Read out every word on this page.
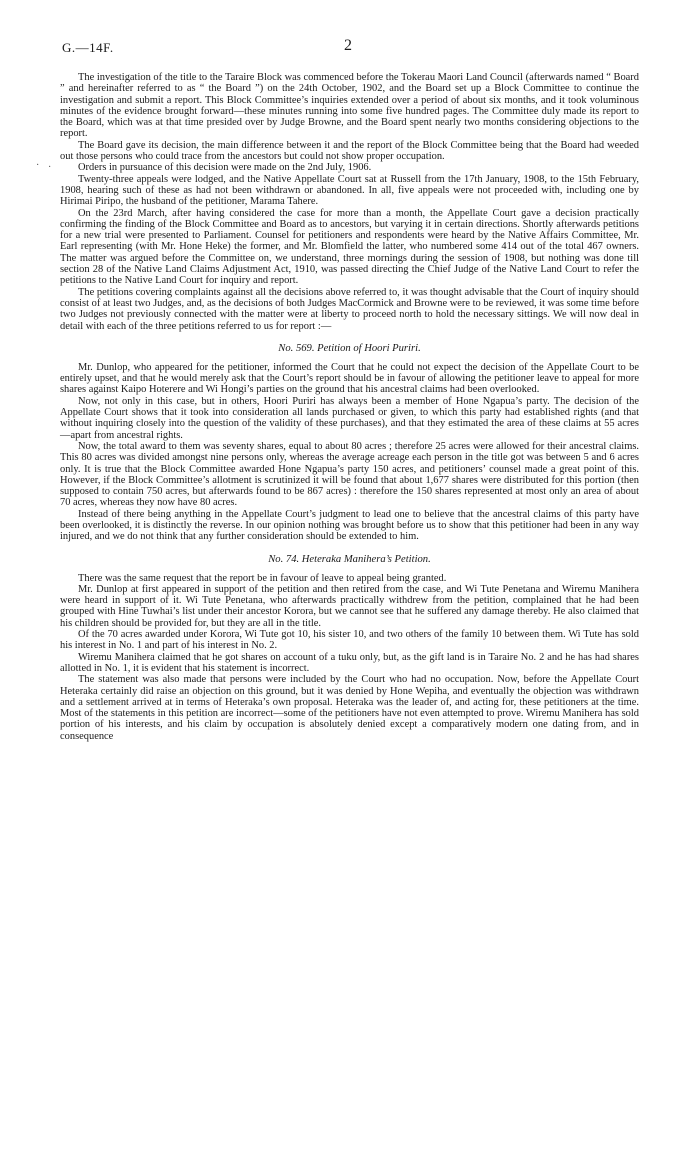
G.—14F.	2
· ·

The investigation of the title to the Taraire Block was commenced before the Tokerau Maori Land Council (afterwards named “ Board ” and hereinafter referred to as “ the Board ”) on the 24th October, 1902, and the Board set up a Block Committee to continue the investigation and submit a report. This Block Committee’s inquiries extended over a period of about six months, and it took voluminous minutes of the evidence brought forward—these minutes running into some five hundred pages. The Committee duly made its report to the Board, which was at that time presided over by Judge Browne, and the Board spent nearly two months considering objections to the report.

The Board gave its decision, the main difference between it and the report of the Block Committee being that the Board had weeded out those persons who could trace from the ancestors but could not show proper occupation.

Orders in pursuance of this decision were made on the 2nd July, 1906.

Twenty-three appeals were lodged, and the Native Appellate Court sat at Russell from the 17th January, 1908, to the 15th February, 1908, hearing such of these as had not been withdrawn or abandoned. In all, five appeals were not proceeded with, including one by Hirimai Piripo, the husband of the petitioner, Marama Tahere.

On the 23rd March, after having considered the case for more than a month, the Appellate Court gave a decision practically confirming the finding of the Block Committee and Board as to ancestors, but varying it in certain directions. Shortly afterwards petitions for a new trial were presented to Parliament. Counsel for petitioners and respondents were heard by the Native Affairs Committee, Mr. Earl representing (with Mr. Hone Heke) the former, and Mr. Blomfield the latter, who numbered some 414 out of the total 467 owners. The matter was argued before the Committee on, we understand, three mornings during the session of 1908, but nothing was done till section 28 of the Native Land Claims Adjustment Act, 1910, was passed directing the Chief Judge of the Native Land Court to refer the petitions to the Native Land Court for inquiry and report.

The petitions covering complaints against all the decisions above referred to, it was thought advisable that the Court of inquiry should consist of at least two Judges, and, as the decisions of both Judges MacCormick and Browne were to be reviewed, it was some time before two Judges not previously connected with the matter were at liberty to proceed north to hold the necessary sittings. We will now deal in detail with each of the three petitions referred to us for report :—

No. 569. Petition of Hoori Puriri.

Mr. Dunlop, who appeared for the petitioner, informed the Court that he could not expect the decision of the Appellate Court to be entirely upset, and that he would merely ask that the Court’s report should be in favour of allowing the petitioner leave to appeal for more shares against Kaipo Hoterere and Wi Hongi’s parties on the ground that his ancestral claims had been overlooked.

Now, not only in this case, but in others, Hoori Puriri has always been a member of Hone Ngapua’s party. The decision of the Appellate Court shows that it took into consideration all lands purchased or given, to which this party had established rights (and that without inquiring closely into the question of the validity of these purchases), and that they estimated the area of these claims at 55 acres —apart from ancestral rights.

Now, the total award to them was seventy shares, equal to about 80 acres ; therefore 25 acres were allowed for their ancestral claims. This 80 acres was divided amongst nine persons only, whereas the average acreage each person in the title got was between 5 and 6 acres only. It is true that the Block Committee awarded Hone Ngapua’s party 150 acres, and petitioners’ counsel made a great point of this. However, if the Block Committee’s allotment is scrutinized it will be found that about 1,677 shares were distributed for this portion (then supposed to contain 750 acres, but afterwards found to be 867 acres) : therefore the 150 shares represented at most only an area of about 70 acres, whereas they now have 80 acres.

Instead of there being anything in the Appellate Court’s judgment to lead one to believe that the ancestral claims of this party have been overlooked, it is distinctly the reverse. In our opinion nothing was brought before us to show that this petitioner had been in any way injured, and we do not think that any further consideration should be extended to him.

No. 74. Heteraka Manihera’s Petition.

There was the same request that the report be in favour of leave to appeal being granted.

Mr. Dunlop at first appeared in support of the petition and then retired from the case, and Wi Tute Penetana and Wiremu Manihera were heard in support of it. Wi Tute Penetana, who afterwards practically withdrew from the petition, complained that he had been grouped with Hine Tuwhai’s list under their ancestor Korora, but we cannot see that he suffered any damage thereby. He also claimed that his children should be provided for, but they are all in the title.

Of the 70 acres awarded under Korora, Wi Tute got 10, his sister 10, and two others of the family 10 between them. Wi Tute has sold his interest in No. 1 and part of his interest in No. 2.

Wiremu Manihera claimed that he got shares on account of a tuku only, but, as the gift land is in Taraire No. 2 and he has had shares allotted in No. 1, it is evident that his statement is incorrect.

The statement was also made that persons were included by the Court who had no occupation. Now, before the Appellate Court Heteraka certainly did raise an objection on this ground, but it was denied by Hone Wepiha, and eventually the objection was withdrawn and a settlement arrived at in terms of Heteraka’s own proposal. Heteraka was the leader of, and acting for, these petitioners at the time. Most of the statements in this petition are incorrect—some of the petitioners have not even attempted to prove. Wiremu Manihera has sold portion of his interests, and his claim by occupation is absolutely denied except a comparatively modern one dating from, and in consequence
